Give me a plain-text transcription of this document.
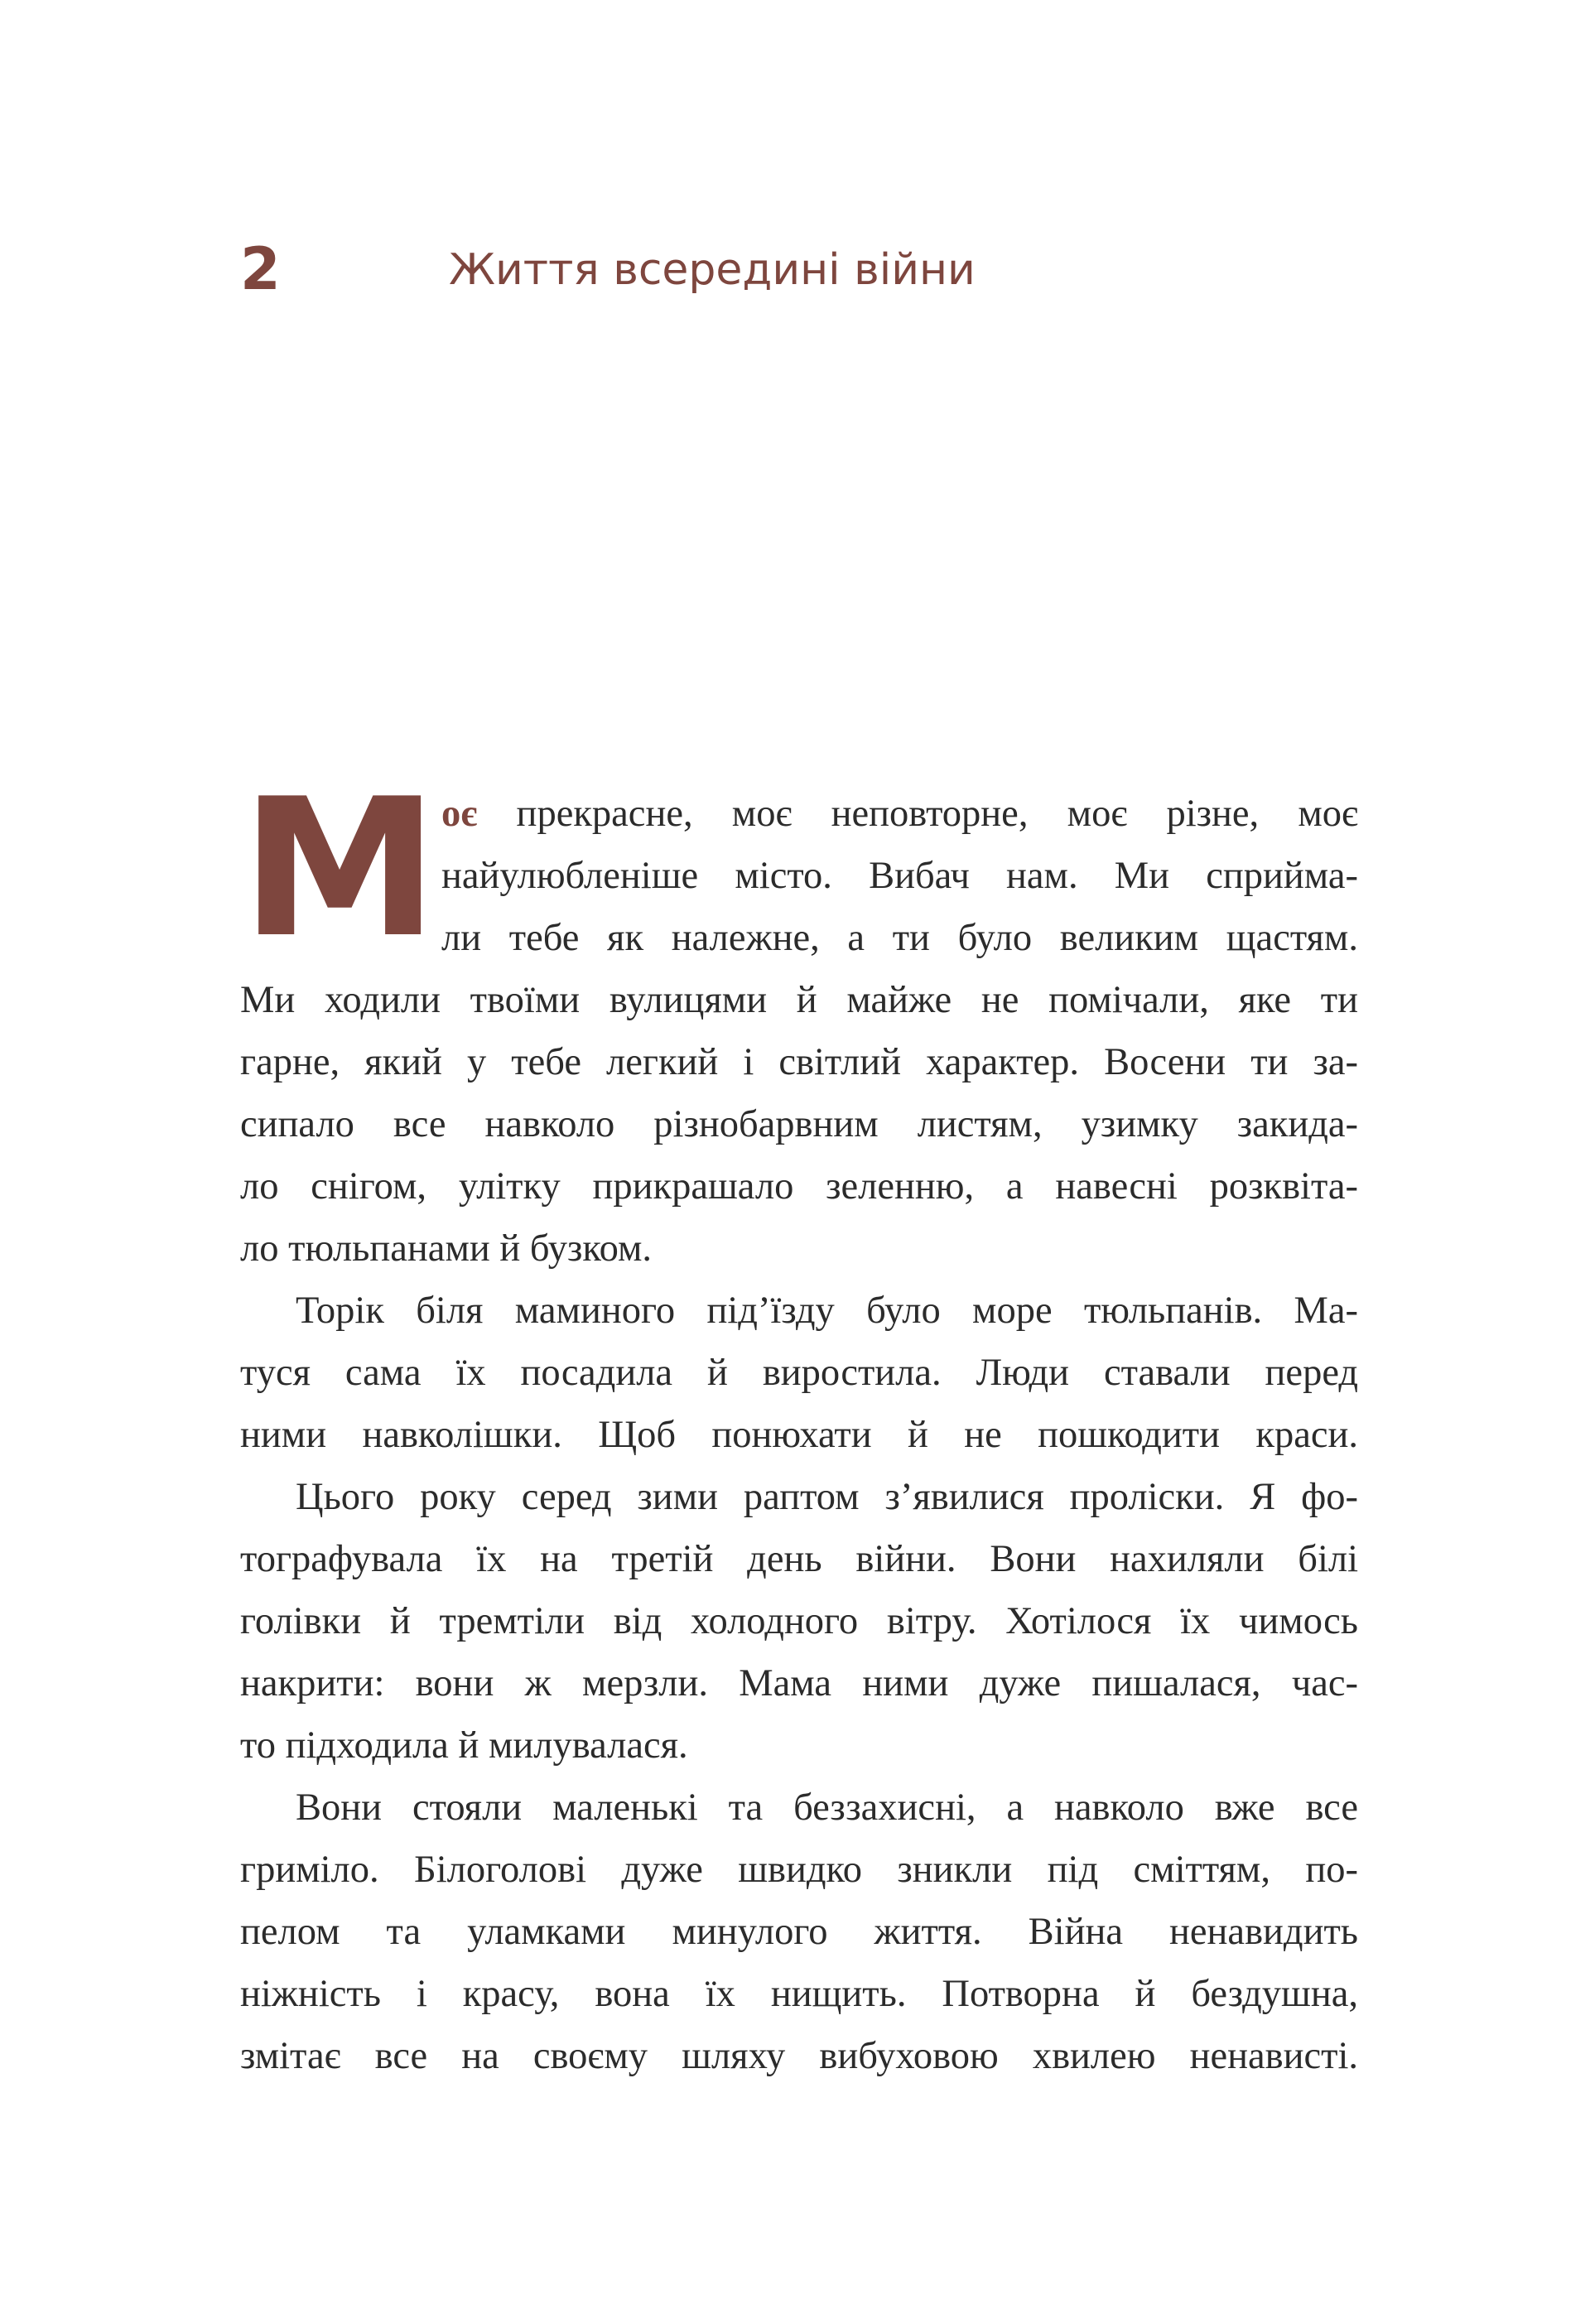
2	Життя всередині війни
М оє прекрасне, моє неповторне, моє різне, моє
найулюбленіше місто. Вибач нам. Ми сприйма-
ли тебе як належне, а ти було великим щастям.
Ми ходили твоїми вулицями й майже не помічали, яке ти
гарне, який у тебе легкий і світлий характер. Восени ти за-
сипало все навколо різнобарвним листям, узимку закида-
ло снігом, улітку прикрашало зеленню, а навесні розквіта-
ло тюльпанами й бузком.
Торік біля маминого під’їзду було море тюльпанів. Ма-
туся сама їх посадила й виростила. Люди ставали перед
ними навколішки. Щоб понюхати й не пошкодити краси.
Цього року серед зими раптом з’явилися проліски. Я фо-
тографувала їх на третій день війни. Вони нахиляли білі
голівки й тремтіли від холодного вітру. Хотілося їх чимось
накрити: вони ж мерзли. Мама ними дуже пишалася, час-
то підходила й милувалася.
Вони стояли маленькі та беззахисні, а навколо вже все
гриміло. Білоголові дуже швидко зникли під сміттям, по-
пелом та уламками минулого життя. Війна ненавидить
ніжність і красу, вона їх нищить. Потворна й бездушна,
змітає все на своєму шляху вибуховою хвилею ненависті.
